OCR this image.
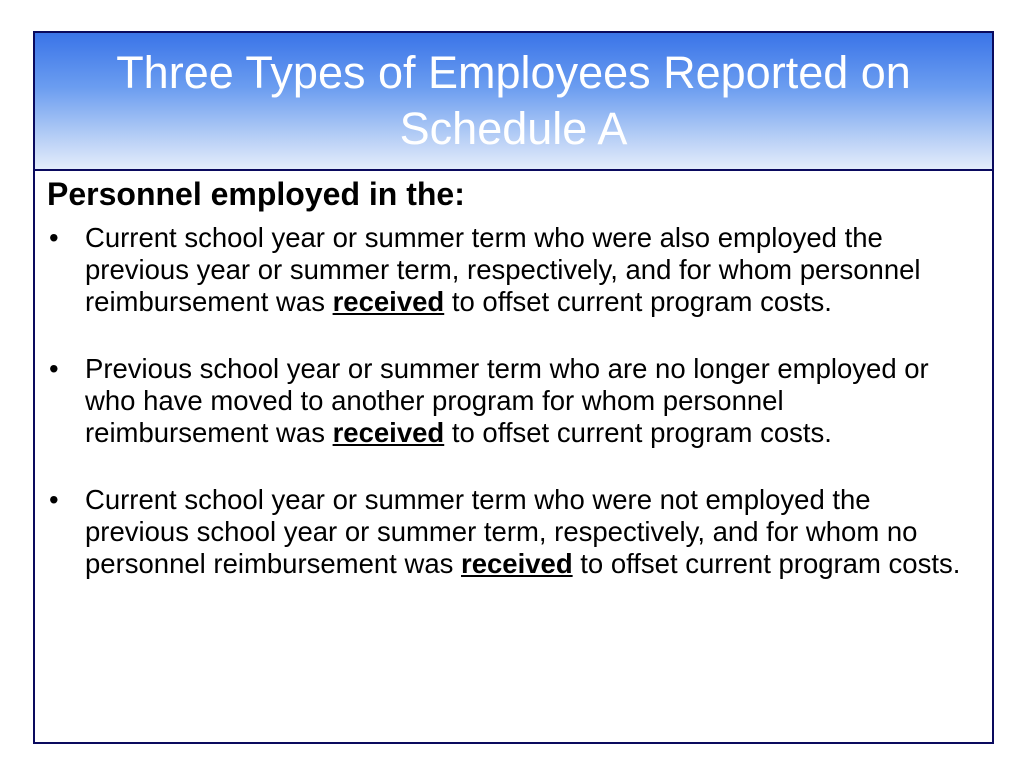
Three Types of Employees Reported on Schedule A

Personnel employed in the:

• Current school year or summer term who were also employed the previous year or summer term, respectively, and for whom personnel reimbursement was received to offset current program costs.
• Previous school year or summer term who are no longer employed or who have moved to another program for whom personnel reimbursement was received to offset current program costs.
• Current school year or summer term who were not employed the previous school year or summer term, respectively, and for whom no personnel reimbursement was received to offset current program costs.
